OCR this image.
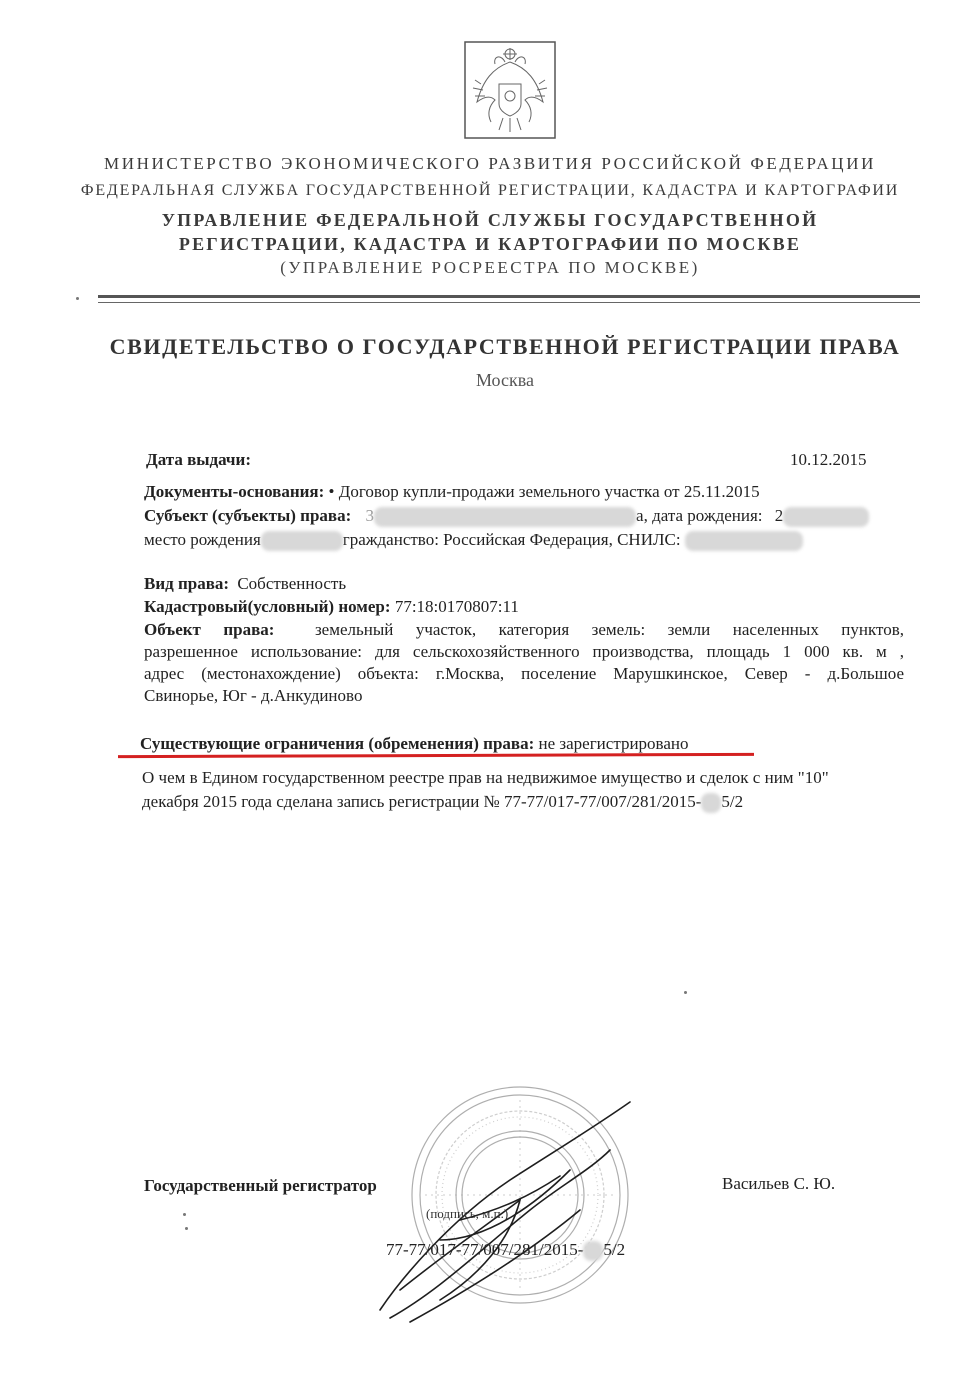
МИНИСТЕРСТВО ЭКОНОМИЧЕСКОГО РАЗВИТИЯ РОССИЙСКОЙ ФЕДЕРАЦИИ
ФЕДЕРАЛЬНАЯ СЛУЖБА ГОСУДАРСТВЕННОЙ РЕГИСТРАЦИИ, КАДАСТРА И КАРТОГРАФИИ
УПРАВЛЕНИЕ ФЕДЕРАЛЬНОЙ СЛУЖБЫ ГОСУДАРСТВЕННОЙ
РЕГИСТРАЦИИ, КАДАСТРА И КАРТОГРАФИИ ПО МОСКВЕ
(УПРАВЛЕНИЕ РОСРЕЕСТРА ПО МОСКВЕ)
СВИДЕТЕЛЬСТВО О ГОСУДАРСТВЕННОЙ РЕГИСТРАЦИИ ПРАВА
Москва
Дата выдачи:	10.12.2015
Документы-основания: • Договор купли-продажи земельного участка от 25.11.2015
Субъект (субъекты) права: 3	а, дата рождения: 2
место рождения	гражданство: Российская Федерация, СНИЛС:
Вид права: Собственность
Кадастровый(условный) номер: 77:18:0170807:11
Объект права: земельный участок, категория земель: земли населенных пунктов,
разрешенное использование: для сельскохозяйственного производства, площадь 1 000 кв. м ,
адрес (местонахождение) объекта: г.Москва, поселение Марушкинское, Север - д.Большое
Свинорье, Юг - д.Анкудиново
Существующие ограничения (обременения) права: не зарегистрировано
О чем в Едином государственном реестре прав на недвижимое имущество и сделок с ним "10"
декабря 2015 года сделана запись регистрации № 77-77/017-77/007/281/2015- 5/2
Государственный регистратор	Васильев С. Ю.
(подпись, м.п.)
77-77/017-77/007/281/2015- 5/2
